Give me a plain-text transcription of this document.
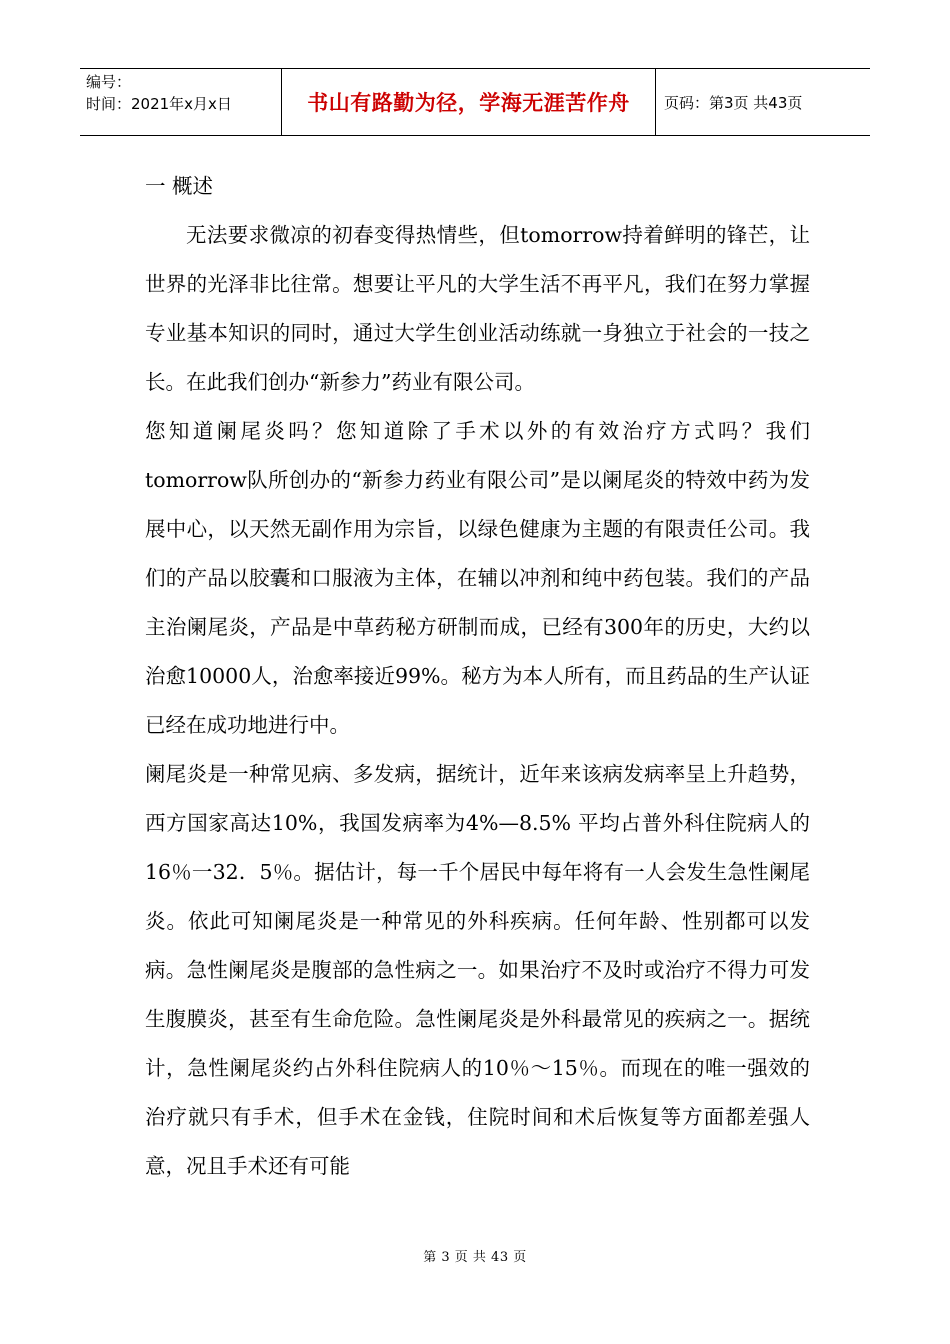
编号：
时间：2021年x月x日	书山有路勤为径，学海无涯苦作舟 页码：第3页 共43页

一 概述

无法要求微凉的初春变得热情些，但tomorrow持着鲜明的锋芒，让世界的光泽非比往常。想要让平凡的大学生活不再平凡，我们在努力掌握专业基本知识的同时，通过大学生创业活动练就一身独立于社会的一技之长。在此我们创办“新参力”药业有限公司。

您知道阑尾炎吗？您知道除了手术以外的有效治疗方式吗？我们tomorrow队所创办的“新参力药业有限公司”是以阑尾炎的特效中药为发展中心，以天然无副作用为宗旨，以绿色健康为主题的有限责任公司。我们的产品以胶囊和口服液为主体，在辅以冲剂和纯中药包装。我们的产品主治阑尾炎，产品是中草药秘方研制而成，已经有300年的历史，大约以治愈10000人，治愈率接近99%。秘方为本人所有，而且药品的生产认证已经在成功地进行中。

阑尾炎是一种常见病、多发病，据统计，近年来该病发病率呈上升趋势，西方国家高达10%，我国发病率为4%—8.5% 平均占普外科住院病人的16％一32．5％。据估计，每一千个居民中每年将有一人会发生急性阑尾炎。依此可知阑尾炎是一种常见的外科疾病。任何年龄、性别都可以发病。急性阑尾炎是腹部的急性病之一。如果治疗不及时或治疗不得力可发生腹膜炎，甚至有生命危险。急性阑尾炎是外科最常见的疾病之一。据统计，急性阑尾炎约占外科住院病人的10％～15％。而现在的唯一强效的治疗就只有手术，但手术在金钱，住院时间和术后恢复等方面都差强人意，况且手术还有可能

第 3 页 共 43 页
